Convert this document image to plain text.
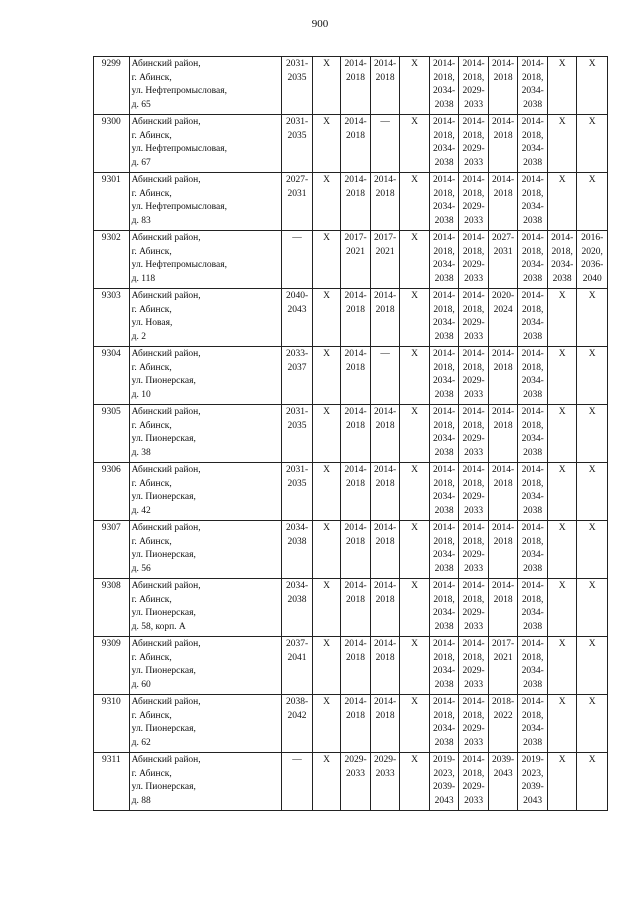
900
9299	Абинский район,
г. Абинск,
ул. Нефтепромысловая,
д. 65	2031-
2035	X	2014-
2018	2014-
2018	X	2014-
2018,
2034-
2038	2014-
2018,
2029-
2033	2014-
2018	2014-
2018,
2034-
2038	X	X
9300	Абинский район,
г. Абинск,
ул. Нефтепромысловая,
д. 67	2031-
2035	X	2014-
2018	—	X	2014-
2018,
2034-
2038	2014-
2018,
2029-
2033	2014-
2018	2014-
2018,
2034-
2038	X	X
9301	Абинский район,
г. Абинск,
ул. Нефтепромысловая,
д. 83	2027-
2031	X	2014-
2018	2014-
2018	X	2014-
2018,
2034-
2038	2014-
2018,
2029-
2033	2014-
2018	2014-
2018,
2034-
2038	X	X
9302	Абинский район,
г. Абинск,
ул. Нефтепромысловая,
д. 118	—	X	2017-
2021	2017-
2021	X	2014-
2018,
2034-
2038	2014-
2018,
2029-
2033	2027-
2031	2014-
2018,
2034-
2038	2014-
2018,
2034-
2038	2016-
2020,
2036-
2040
9303	Абинский район,
г. Абинск,
ул. Новая,
д. 2	2040-
2043	X	2014-
2018	2014-
2018	X	2014-
2018,
2034-
2038	2014-
2018,
2029-
2033	2020-
2024	2014-
2018,
2034-
2038	X	X
9304	Абинский район,
г. Абинск,
ул. Пионерская,
д. 10	2033-
2037	X	2014-
2018	—	X	2014-
2018,
2034-
2038	2014-
2018,
2029-
2033	2014-
2018	2014-
2018,
2034-
2038	X	X
9305	Абинский район,
г. Абинск,
ул. Пионерская,
д. 38	2031-
2035	X	2014-
2018	2014-
2018	X	2014-
2018,
2034-
2038	2014-
2018,
2029-
2033	2014-
2018	2014-
2018,
2034-
2038	X	X
9306	Абинский район,
г. Абинск,
ул. Пионерская,
д. 42	2031-
2035	X	2014-
2018	2014-
2018	X	2014-
2018,
2034-
2038	2014-
2018,
2029-
2033	2014-
2018	2014-
2018,
2034-
2038	X	X
9307	Абинский район,
г. Абинск,
ул. Пионерская,
д. 56	2034-
2038	X	2014-
2018	2014-
2018	X	2014-
2018,
2034-
2038	2014-
2018,
2029-
2033	2014-
2018	2014-
2018,
2034-
2038	X	X
9308	Абинский район,
г. Абинск,
ул. Пионерская,
д. 58, корп. А	2034-
2038	X	2014-
2018	2014-
2018	X	2014-
2018,
2034-
2038	2014-
2018,
2029-
2033	2014-
2018	2014-
2018,
2034-
2038	X	X
9309	Абинский район,
г. Абинск,
ул. Пионерская,
д. 60	2037-
2041	X	2014-
2018	2014-
2018	X	2014-
2018,
2034-
2038	2014-
2018,
2029-
2033	2017-
2021	2014-
2018,
2034-
2038	X	X
9310	Абинский район,
г. Абинск,
ул. Пионерская,
д. 62	2038-
2042	X	2014-
2018	2014-
2018	X	2014-
2018,
2034-
2038	2014-
2018,
2029-
2033	2018-
2022	2014-
2018,
2034-
2038	X	X
9311	Абинский район,
г. Абинск,
ул. Пионерская,
д. 88	—	X	2029-
2033	2029-
2033	X	2019-
2023,
2039-
2043	2014-
2018,
2029-
2033	2039-
2043	2019-
2023,
2039-
2043	X	X
